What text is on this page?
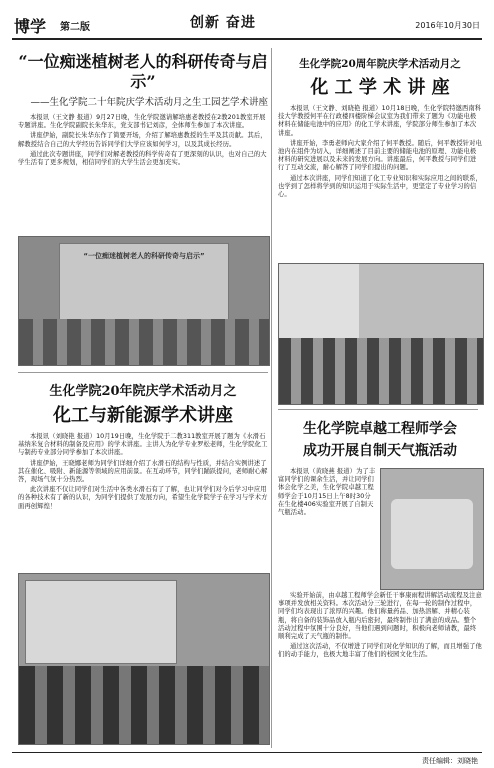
博学 第二版	创新 奋进	2016年10月30日
“一位痴迷植树老人的科研传奇与启示”
——生化学院二十年院庆学术活动月之生工园艺学术讲座

本报讯（王文静 报道）9月27日晚，生化学院邀请解培惠老教授在2教201教室开展专题讲座。生化学院副院长朱华东，党支部书记刘彦，全体师生参加了本次讲座。

讲座伊始，副院长朱华东作了简要开场，介绍了解培惠教授的生平及其贡献。其后，解教授结合自己的大学经历告诉同学们大学应该如何学习，以及其成长经历。

通过此次专题讲座，同学们对解老教授的科学传奇有了更深刻的认识，也对自己的大学生活有了更多规划，相信同学们的大学生活会更加充实。

“一位痴迷植树老人的科研传奇与启示”
生化学院20年院庆学术活动月之
化工与新能源学术讲座

本报讯（刘晓艳 报道）10月19日晚，生化学院于二教311教室开展了题为《水滑石基纳米复合材料的制备及应用》的学术讲座。主讲人为化学专业罗松老师，生化学院化工与制药专业部分同学参加了本次讲座。

讲座伊始，王晓娜老师为同学们详细介绍了水滑石的结构与性质，并结合实例讲述了其在催化、吸附、新能源等领域的应用前景。在互动环节，同学们踊跃提问，老师耐心解答，现场气氛十分热烈。

此次讲座不仅让同学们对生活中各类水滑石有了了解，也让同学们对今后学习中应用的各种技术有了新的认识，为同学们提供了发展方向，希望生化学院学子在学习与学术方面再创辉煌！

生化学院20周年院庆学术活动月之
化 工 学 术 讲 座

本报讯（王文静、刘晓艳 报道）10月18日晚，生化学院特邀西南科技大学教授何平在行政楼四楼阶梯会议室为我们带来了题为《功能电极材料在储能电池中的应用》的化工学术讲座，学院部分师生参加了本次讲座。

讲座开始，李勇老师向大家介绍了何平教授。随后，何平教授针对电池内在组件为切入，详细阐述了目前主要的储能电池的原理、功能电极材料的研究进展以及未来的发展方向。讲座最后，何平教授与同学们进行了互动交流，耐心解答了同学们提出的问题。

通过本次讲座，同学们知道了化工专业知识和实际应用之间的联系，也学到了怎样将学到的知识运用于实际生活中，更坚定了专业学习的信心。

生化学院卓越工程师学会
成功开展自制天气瓶活动

本报讯（黄晓燕 报道）为了丰富同学们的课余生活，并让同学们体会化学之美，生化学院卓越工程师学会于10月15日上午8时30分在生化楼406实验室开展了自制天气瓶活动。

实验开始前，由卓越工程师学会新任干事康雨程讲解活动流程及注意事项并发放相关资料。本次活动分三轮进行，在每一轮的制作过程中，同学们均表现出了浓厚的兴趣。他们称量药品、加热溶解、并精心装瓶，将自备的装饰品放入瓶内后密封，最终制作出了满意的成品。整个活动过程中氛围十分良好，当他们遇到问题时，积极向老师请教，最终顺利完成了天气瓶的制作。

通过这次活动，不仅增进了同学们对化学知识的了解，而且增强了他们的动手能力，也极大地丰富了他们的校园文化生活。

责任编辑：刘晓艳
